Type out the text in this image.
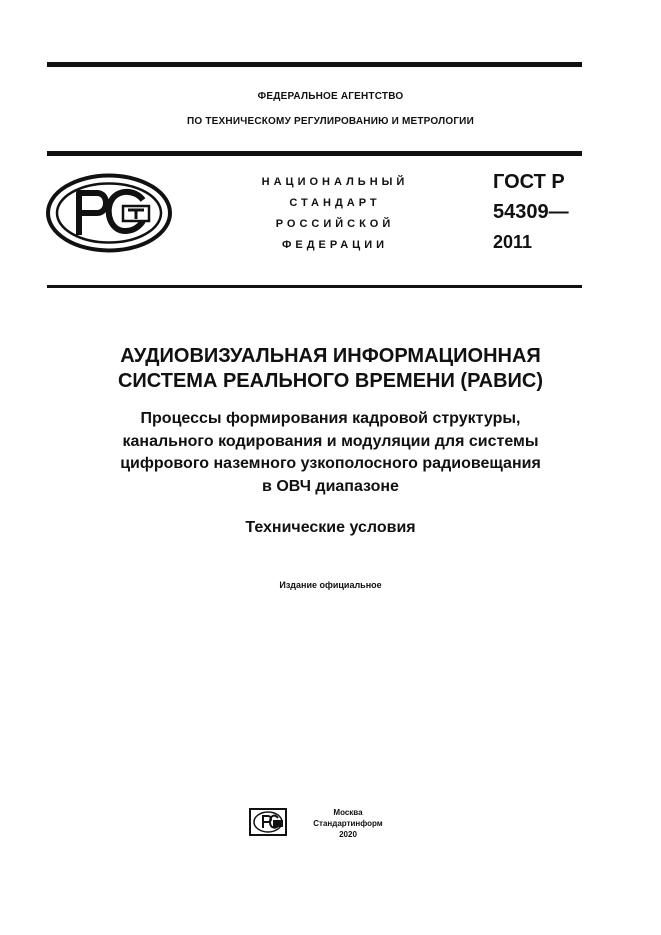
ФЕДЕРАЛЬНОЕ АГЕНТСТВО
ПО ТЕХНИЧЕСКОМУ РЕГУЛИРОВАНИЮ И МЕТРОЛОГИИ
НАЦИОНАЛЬНЫЙ
СТАНДАРТ
РОССИЙСКОЙ
ФЕДЕРАЦИИ
ГОСТ Р
54309—
2011
АУДИОВИЗУАЛЬНАЯ ИНФОРМАЦИОННАЯ
СИСТЕМА РЕАЛЬНОГО ВРЕМЕНИ (РАВИС)
Процессы формирования кадровой структуры,
канального кодирования и модуляции для системы
цифрового наземного узкополосного радиовещания
в ОВЧ диапазоне
Технические условия
Издание официальное
Москва
Стандартинформ
2020
